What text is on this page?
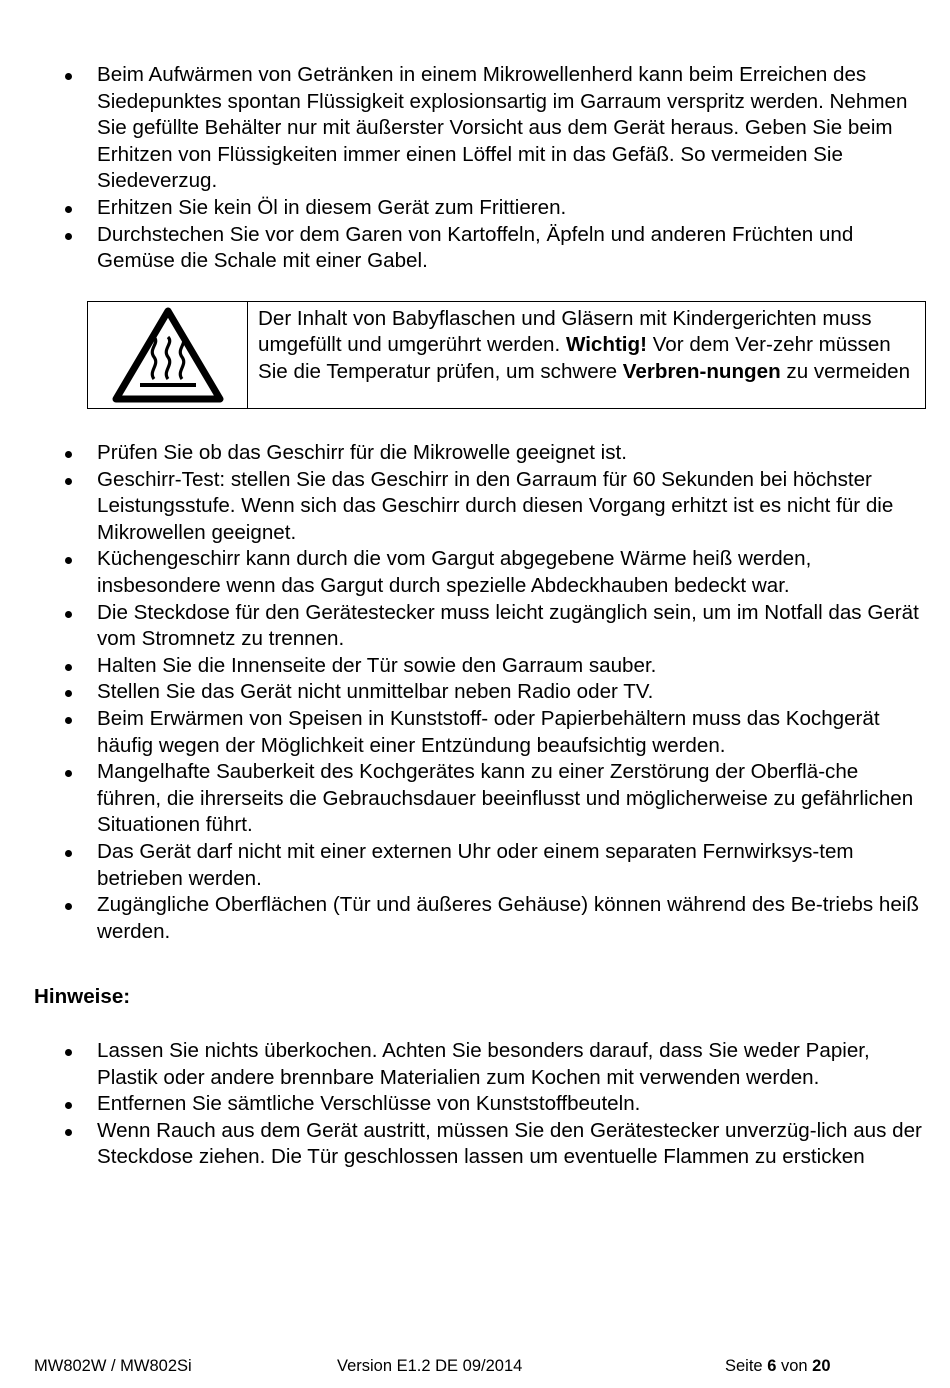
Beim Aufwärmen von Getränken in einem Mikrowellenherd kann beim Erreichen des Siedepunktes spontan Flüssigkeit explosionsartig im Garraum verspritz werden. Nehmen Sie gefüllte Behälter nur mit äußerster Vorsicht aus dem Gerät heraus. Geben Sie beim Erhitzen von Flüssigkeiten immer einen Löffel mit in das Gefäß. So vermeiden Sie Siedeverzug.
Erhitzen Sie kein Öl in diesem Gerät zum Frittieren.
Durchstechen Sie vor dem Garen von Kartoffeln, Äpfeln und anderen Früchten und Gemüse die Schale mit einer Gabel.
Der Inhalt von Babyflaschen und Gläsern mit Kindergerichten muss umgefüllt und umgerührt werden. Wichtig! Vor dem Ver-zehr müssen Sie die Temperatur prüfen, um schwere Verbren-nungen zu vermeiden
Prüfen Sie ob das Geschirr für die Mikrowelle geeignet ist.
Geschirr-Test: stellen Sie das Geschirr in den Garraum für 60 Sekunden bei höchster Leistungsstufe. Wenn sich das Geschirr durch diesen Vorgang erhitzt ist es nicht für die Mikrowellen geeignet.
Küchengeschirr kann durch die vom Gargut abgegebene Wärme heiß werden, insbesondere wenn das Gargut durch spezielle Abdeckhauben bedeckt war.
Die Steckdose für den Gerätestecker muss leicht zugänglich sein, um im Notfall das Gerät vom Stromnetz zu trennen.
Halten Sie die Innenseite der Tür sowie den Garraum sauber.
Stellen Sie das Gerät nicht unmittelbar neben Radio oder TV.
Beim Erwärmen von Speisen in Kunststoff- oder Papierbehältern muss das Kochgerät häufig wegen der Möglichkeit einer Entzündung beaufsichtig werden.
Mangelhafte Sauberkeit des Kochgerätes kann zu einer Zerstörung der Oberflä-che führen, die ihrerseits die Gebrauchsdauer beeinflusst und möglicherweise zu gefährlichen Situationen führt.
Das Gerät darf nicht mit einer externen Uhr oder einem separaten Fernwirksys-tem betrieben werden.
Zugängliche Oberflächen (Tür und äußeres Gehäuse) können während des Be-triebs heiß werden.
Hinweise:
Lassen Sie nichts überkochen. Achten Sie besonders darauf, dass Sie weder Papier, Plastik oder andere brennbare Materialien zum Kochen mit verwenden werden.
Entfernen Sie sämtliche Verschlüsse von Kunststoffbeuteln.
Wenn Rauch aus dem Gerät austritt, müssen Sie den Gerätestecker unverzüg-lich aus der Steckdose ziehen. Die Tür geschlossen lassen um eventuelle Flammen zu ersticken
MW802W / MW802Si	Version E1.2 DE 09/2014	Seite 6 von 20
